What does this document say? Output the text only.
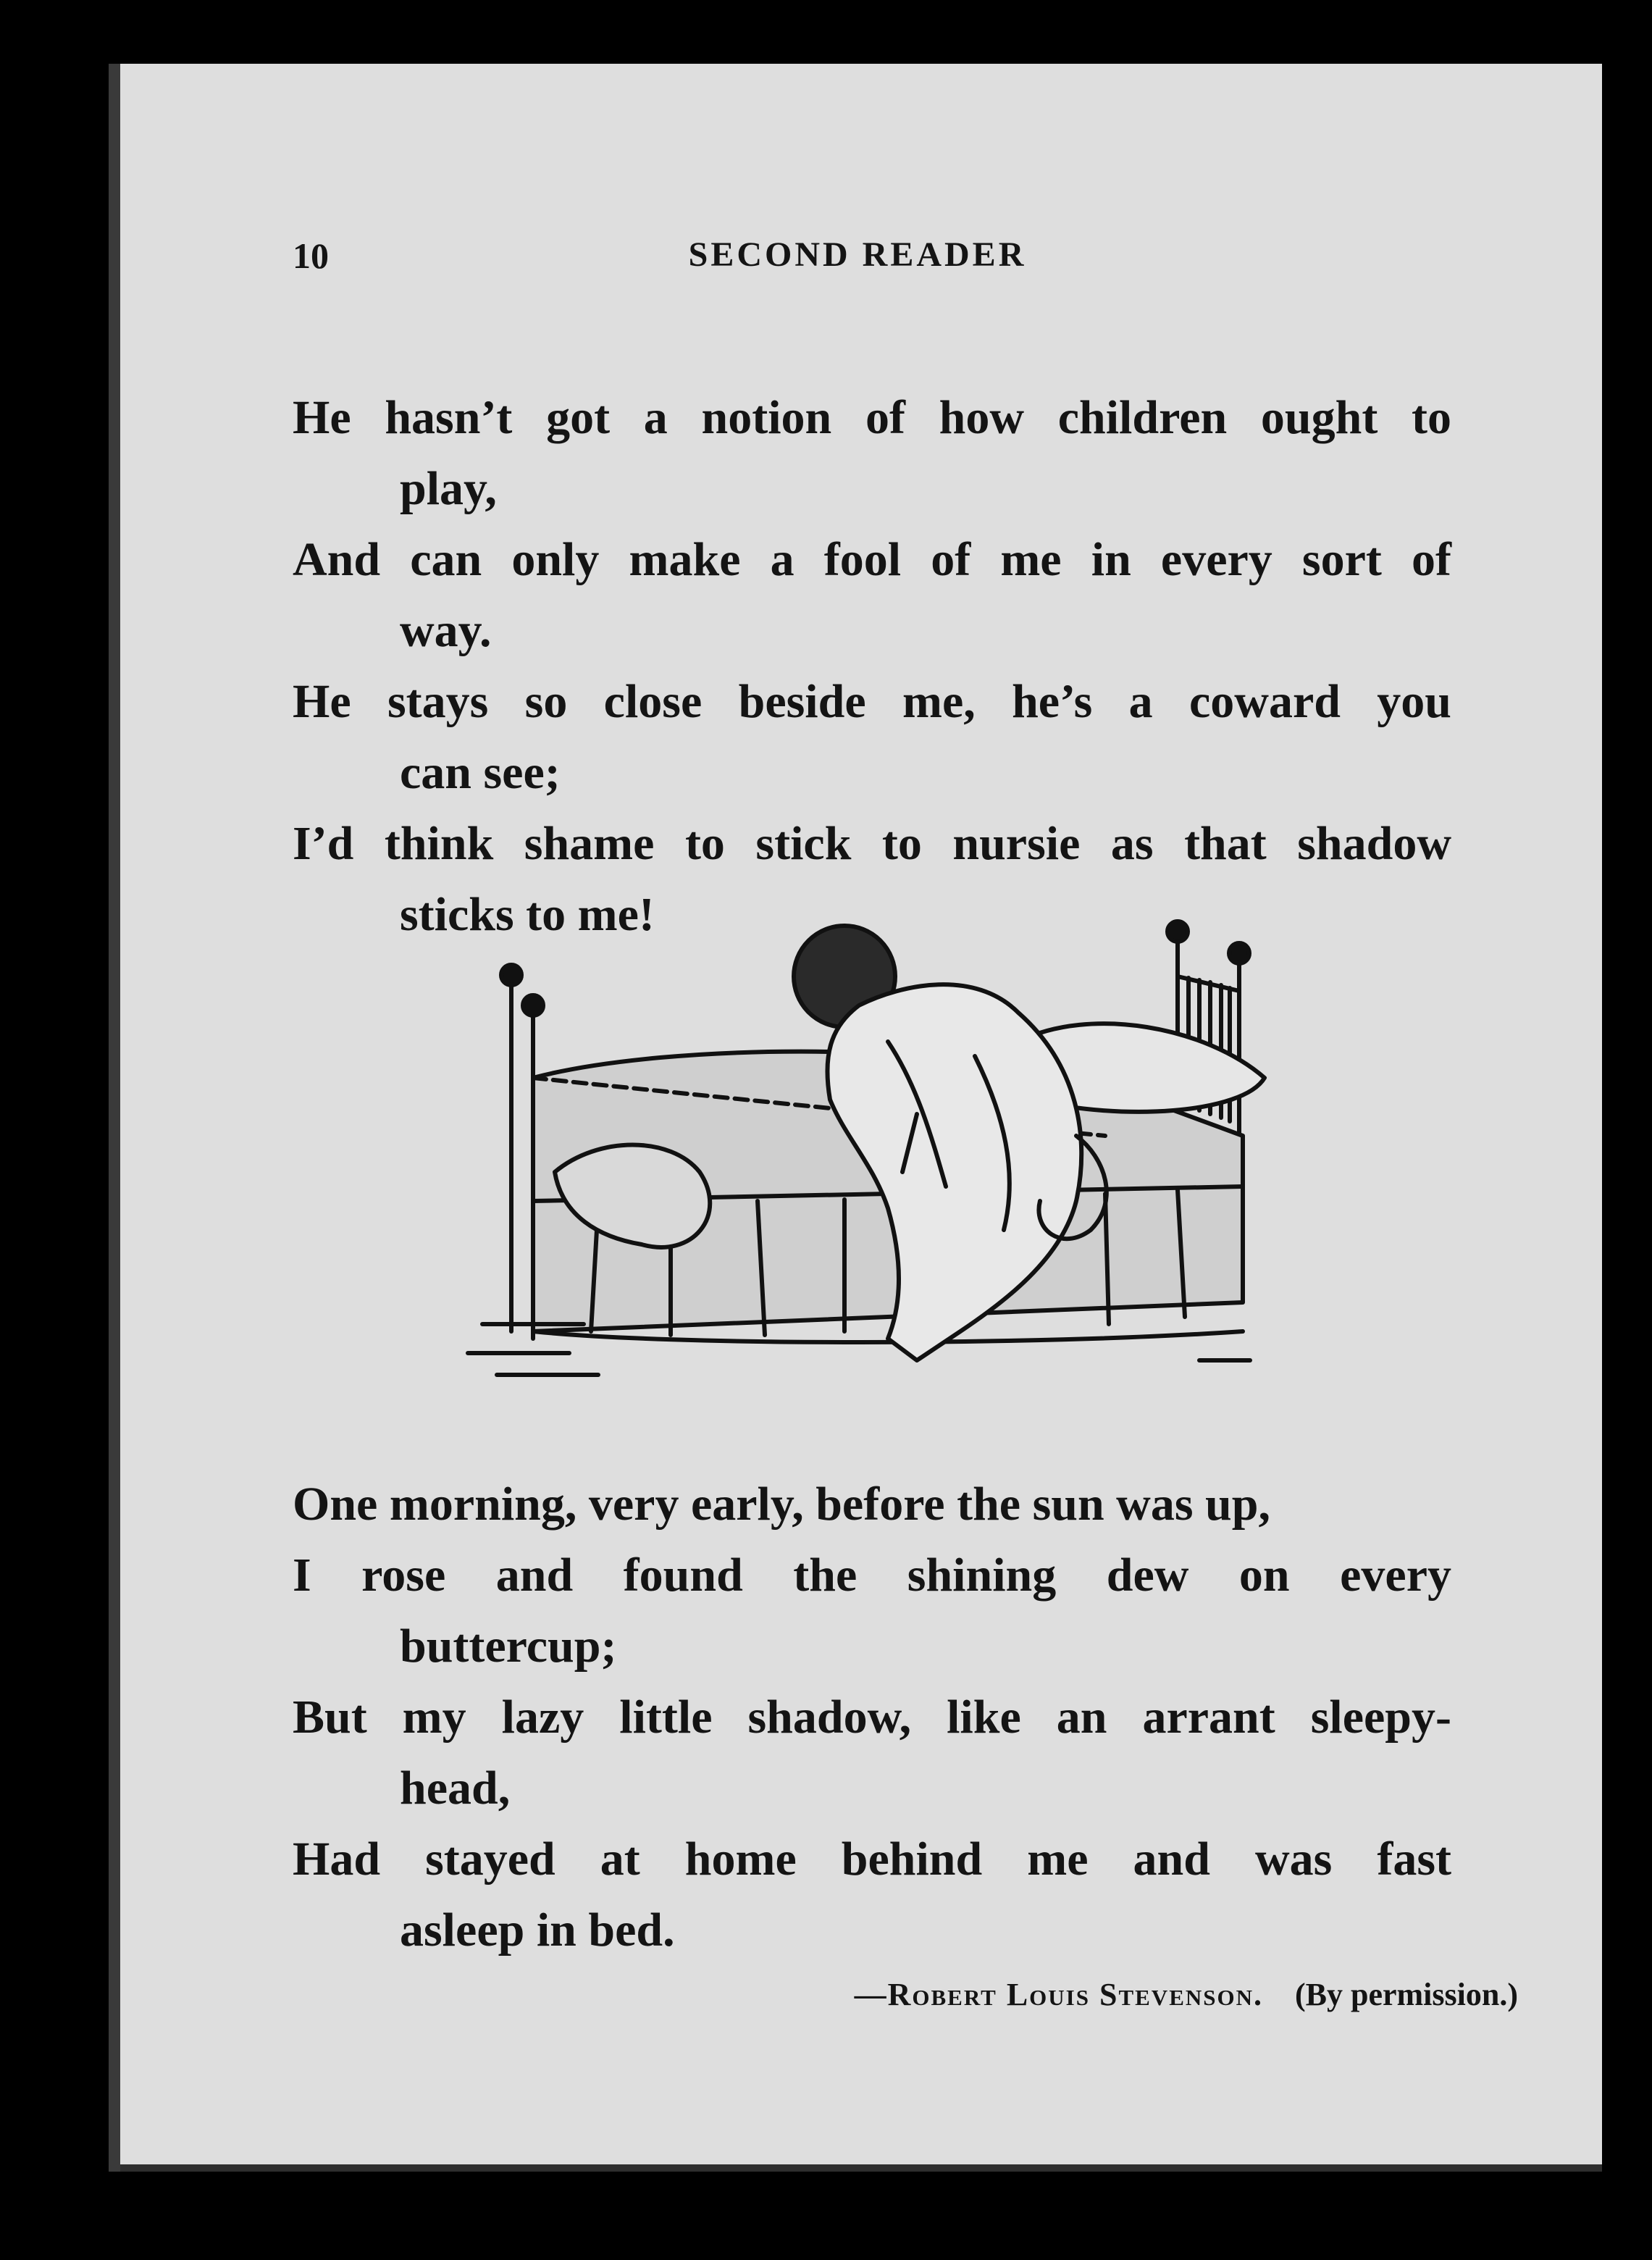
10	SECOND READER

He hasn’t got a notion of how children ought to
play,

And can only make a fool of me in every sort of
way.

He stays so close beside me, he’s a coward you
can see;

I’d think shame to stick to nursie as that shadow
sticks to me!

One morning, very early, before the sun was up,

I rose and found the shining dew on every
buttercup;

But my lazy little shadow, like an arrant sleepy-
head,

Had stayed at home behind me and was fast
asleep in bed.

—Robert Louis Stevenson. (By permission.)
